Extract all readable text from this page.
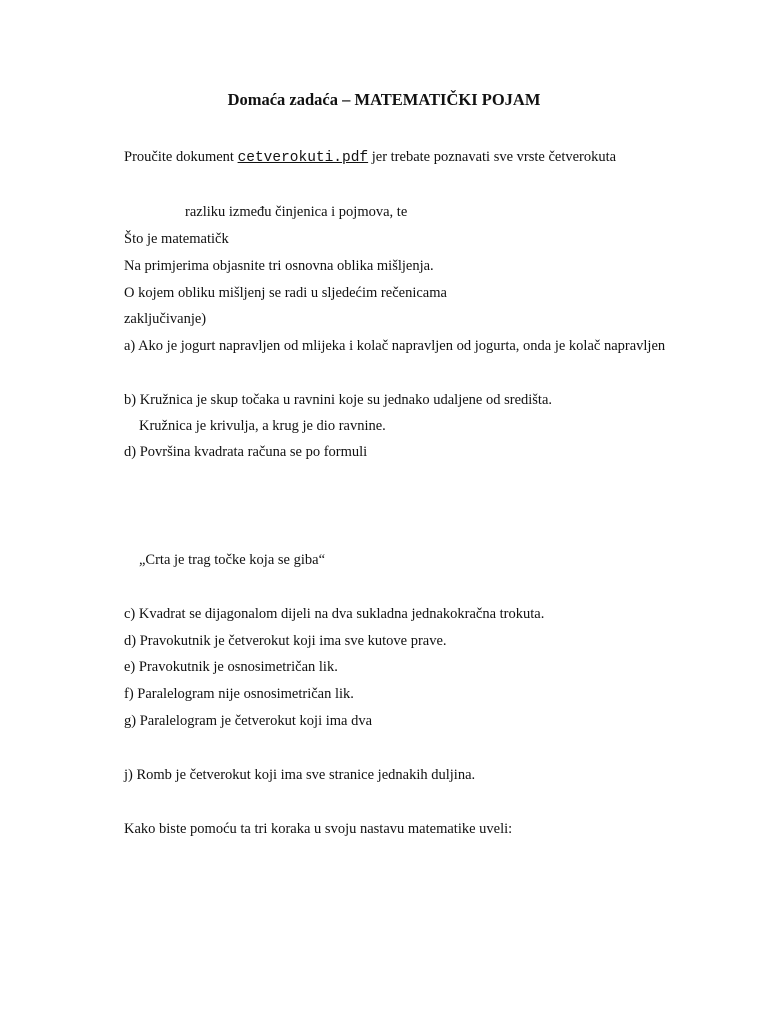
Domaća zadaća – MATEMATIČKI POJAM

Proučite dokument cetverokuti.pdf jer trebate poznavati sve vrste četverokuta

razliku između činjenica i pojmova, te

Što je matematičk

Na primjerima objasnite tri osnovna oblika mišljenja.

O kojem obliku mišljenj se radi u sljedećim rečenicama

zaključivanje)

a) Ako je jogurt napravljen od mlijeka i kolač napravljen od jogurta, onda je kolač napravljen

b) Kružnica je skup točaka u ravnini koje su jednako udaljene od središta.

Kružnica je krivulja, a krug je dio ravnine.

d) Površina kvadrata računa se po formuli

„Crta je trag točke koja se giba“

c) Kvadrat se dijagonalom dijeli na dva sukladna jednakokračna trokuta.

d) Pravokutnik je četverokut koji ima sve kutove prave.

e) Pravokutnik je osnosimetričan lik.

f) Paralelogram nije osnosimetričan lik.

g) Paralelogram je četverokut koji ima dva

j) Romb je četverokut koji ima sve stranice jednakih duljina.

Kako biste pomoću ta tri koraka u svoju nastavu matematike uveli:
